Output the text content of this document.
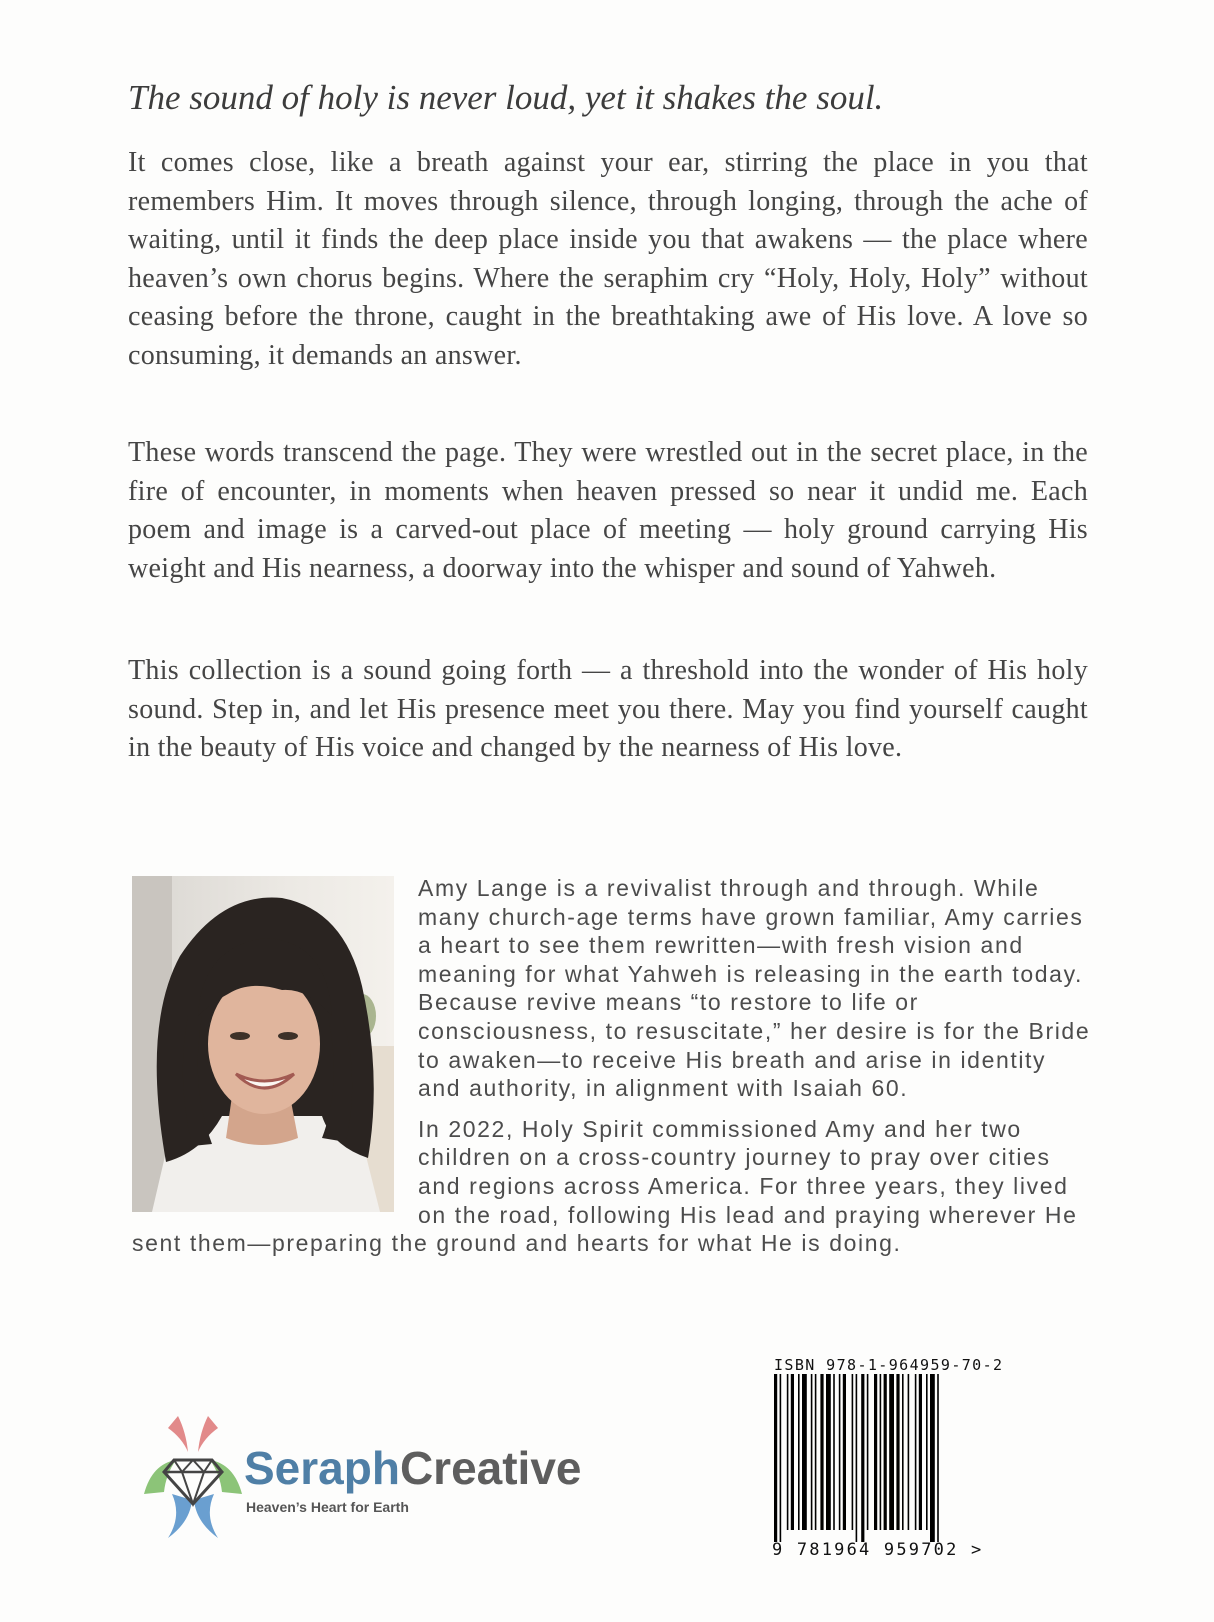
The sound of holy is never loud, yet it shakes the soul.

It comes close, like a breath against your ear, stirring the place in you that remembers Him. It moves through silence, through longing, through the ache of waiting, until it finds the deep place inside you that awakens — the place where heaven’s own chorus begins. Where the seraphim cry “Holy, Holy, Holy” without ceasing before the throne, caught in the breathtaking awe of His love. A love so consuming, it demands an answer.

These words transcend the page. They were wrestled out in the secret place, in the fire of encounter, in moments when heaven pressed so near it undid me. Each poem and image is a carved-out place of meeting — holy ground carrying His weight and His nearness, a doorway into the whisper and sound of Yahweh.

This collection is a sound going forth — a threshold into the wonder of His holy sound. Step in, and let His presence meet you there. May you find yourself caught in the beauty of His voice and changed by the nearness of His love.

Amy Lange is a revivalist through and through. While many church-age terms have grown familiar, Amy carries a heart to see them rewritten—with fresh vision and meaning for what Yahweh is releasing in the earth today. Because revive means “to restore to life or consciousness, to resuscitate,” her desire is for the Bride to awaken—to receive His breath and arise in identity and authority, in alignment with Isaiah 60.

In 2022, Holy Spirit commissioned Amy and her two children on a cross-country journey to pray over cities and regions across America. For three years, they lived on the road, following His lead and praying wherever He sent them—preparing the ground and hearts for what He is doing.

SeraphCreative
Heaven’s Heart for Earth
ISBN 978-1-964959-70-2
9 781964 959702 >
